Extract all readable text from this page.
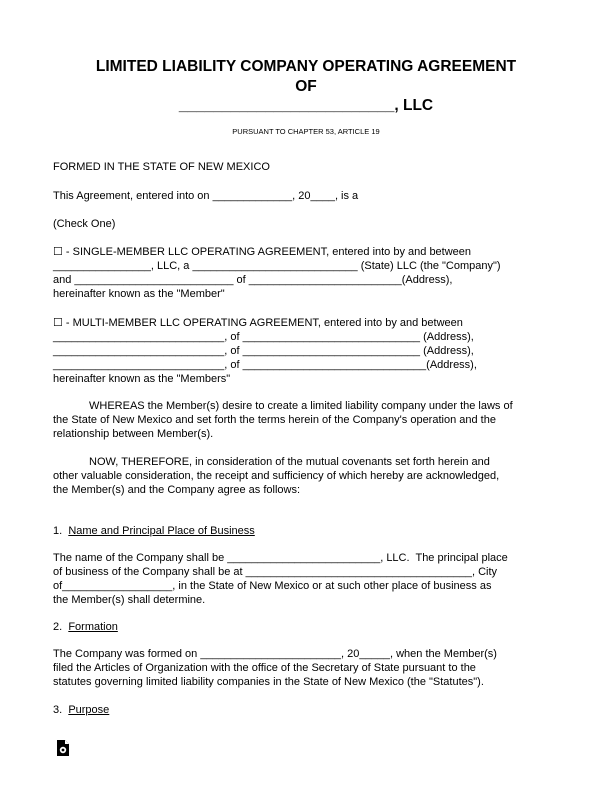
LIMITED LIABILITY COMPANY OPERATING AGREEMENT
OF
_________________________, LLC
PURSUANT TO CHAPTER 53, ARTICLE 19
FORMED IN THE STATE OF NEW MEXICO
This Agreement, entered into on _____________, 20____, is a
(Check One)
☐ - SINGLE-MEMBER LLC OPERATING AGREEMENT, entered into by and between
________________, LLC, a ___________________________ (State) LLC (the "Company")
and __________________________ of _________________________(Address),
hereinafter known as the "Member"
☐ - MULTI-MEMBER LLC OPERATING AGREEMENT, entered into by and between
____________________________, of _____________________________ (Address),
____________________________, of _____________________________ (Address),
____________________________, of ______________________________(Address),
hereinafter known as the "Members"
WHEREAS the Member(s) desire to create a limited liability company under the laws of
the State of New Mexico and set forth the terms herein of the Company's operation and the
relationship between Member(s).
NOW, THEREFORE, in consideration of the mutual covenants set forth herein and
other valuable consideration, the receipt and sufficiency of which hereby are acknowledged,
the Member(s) and the Company agree as follows:
1. Name and Principal Place of Business
The name of the Company shall be _________________________, LLC.  The principal place
of business of the Company shall be at _____________________________________, City
of__________________, in the State of New Mexico or at such other place of business as
the Member(s) shall determine.
2. Formation
The Company was formed on _______________________, 20_____, when the Member(s)
filed the Articles of Organization with the office of the Secretary of State pursuant to the
statutes governing limited liability companies in the State of New Mexico (the "Statutes").
3. Purpose
